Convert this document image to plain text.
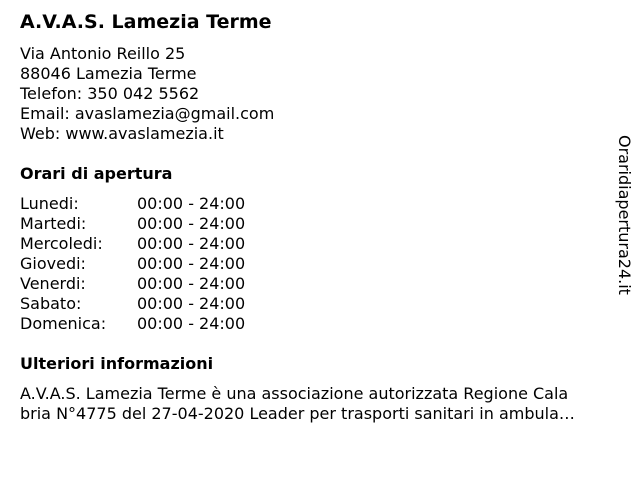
A.V.A.S. Lamezia Terme
Via Antonio Reillo 25
88046 Lamezia Terme
Telefon: 350 042 5562
Email: avaslamezia@gmail.com
Web: www.avaslamezia.it
Orari di apertura
Lunedi:	00:00 - 24:00
Martedi:	00:00 - 24:00
Mercoledi: 00:00 - 24:00
Giovedi:	00:00 - 24:00
Venerdi:	00:00 - 24:00
Sabato:	00:00 - 24:00
Domenica: 00:00 - 24:00
Ulteriori informazioni
A.V.A.S. Lamezia Terme è una associazione autorizzata Regione Cala
bria N°4775 del 27-04-2020 Leader per trasporti sanitari in ambula…
Oraridiapertura24.it
